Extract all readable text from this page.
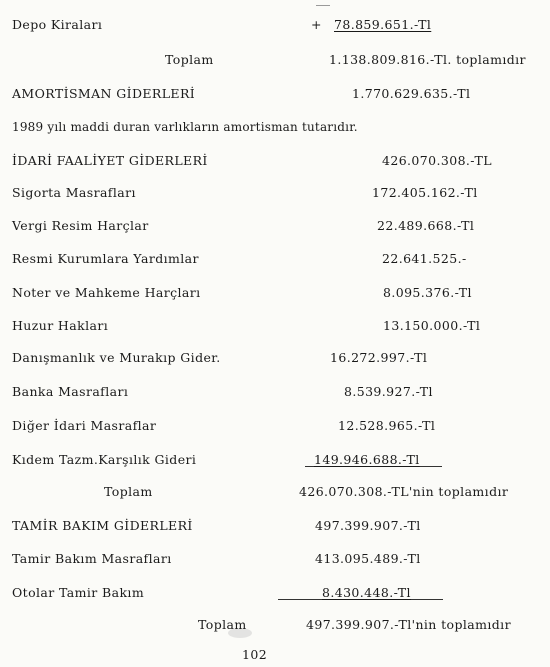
Depo Kiraları	+ 78.859.651.-Tl
Toplam	1.138.809.816.-Tl. toplamıdır
AMORTİSMAN GİDERLERİ	1.770.629.635.-Tl
1989 yılı maddi duran varlıkların amortisman tutarıdır.
İDARİ FAALİYET GİDERLERİ	426.070.308.-TL
Sigorta Masrafları	172.405.162.-Tl
Vergi Resim Harçlar	22.489.668.-Tl
Resmi Kurumlara Yardımlar	22.641.525.-
Noter ve Mahkeme Harçları	8.095.376.-Tl
Huzur Hakları	13.150.000.-Tl
Danışmanlık ve Murakıp Gider.	16.272.997.-Tl
Banka Masrafları	8.539.927.-Tl
Diğer İdari Masraflar	12.528.965.-Tl
Kıdem Tazm.Karşılık Gideri	149.946.688.-Tl
Toplam	426.070.308.-TL'nin toplamıdır
TAMİR BAKIM GİDERLERİ	497.399.907.-Tl
Tamir Bakım Masrafları	413.095.489.-Tl
Otolar Tamir Bakım	8.430.448.-Tl
Toplam	497.399.907.-Tl'nin toplamıdır
102
